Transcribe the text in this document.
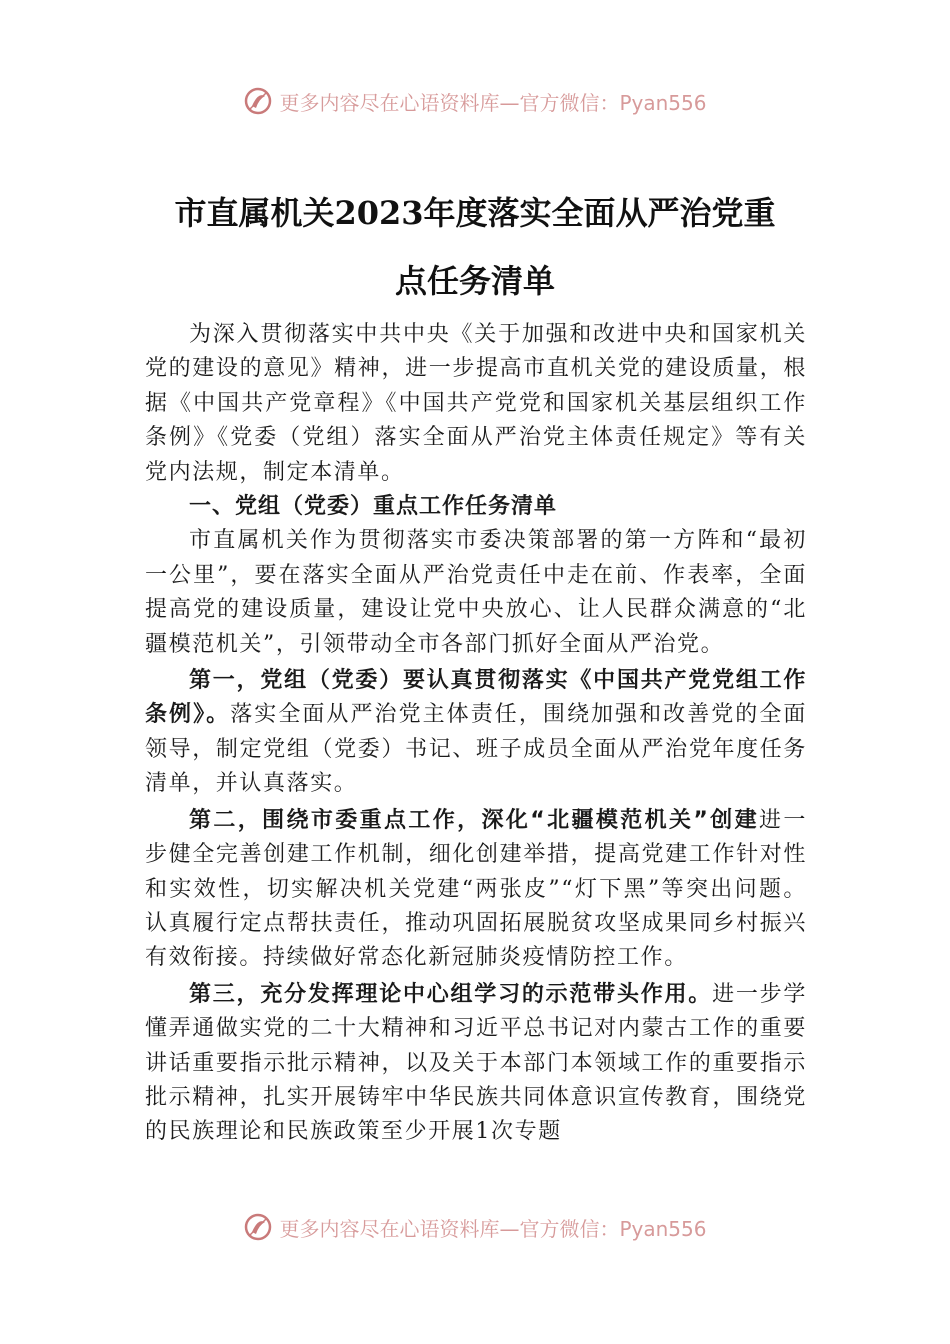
更多内容尽在心语资料库—官方微信：Pyan556
市直属机关2023年度落实全面从严治党重
点任务清单

为深入贯彻落实中共中央《关于加强和改进中央和国家机关党的建设的意见》精神，进一步提高市直机关党的建设质量，根据《中国共产党章程》《中国共产党党和国家机关基层组织工作条例》《党委（党组）落实全面从严治党主体责任规定》等有关党内法规，制定本清单。

一、党组（党委）重点工作任务清单

市直属机关作为贯彻落实市委决策部署的第一方阵和“最初一公里”，要在落实全面从严治党责任中走在前、作表率，全面提高党的建设质量，建设让党中央放心、让人民群众满意的“北疆模范机关”，引领带动全市各部门抓好全面从严治党。

第一，党组（党委）要认真贯彻落实《中国共产党党组工作条例》。落实全面从严治党主体责任，围绕加强和改善党的全面领导，制定党组（党委）书记、班子成员全面从严治党年度任务清单，并认真落实。

第二，围绕市委重点工作，深化“北疆模范机关”创建进一步健全完善创建工作机制，细化创建举措，提高党建工作针对性和实效性，切实解决机关党建“两张皮”“灯下黑”等突出问题。认真履行定点帮扶责任，推动巩固拓展脱贫攻坚成果同乡村振兴有效衔接。持续做好常态化新冠肺炎疫情防控工作。

第三，充分发挥理论中心组学习的示范带头作用。进一步学懂弄通做实党的二十大精神和习近平总书记对内蒙古工作的重要讲话重要指示批示精神，以及关于本部门本领域工作的重要指示批示精神，扎实开展铸牢中华民族共同体意识宣传教育，围绕党的民族理论和民族政策至少开展1次专题

更多内容尽在心语资料库—官方微信：Pyan556
